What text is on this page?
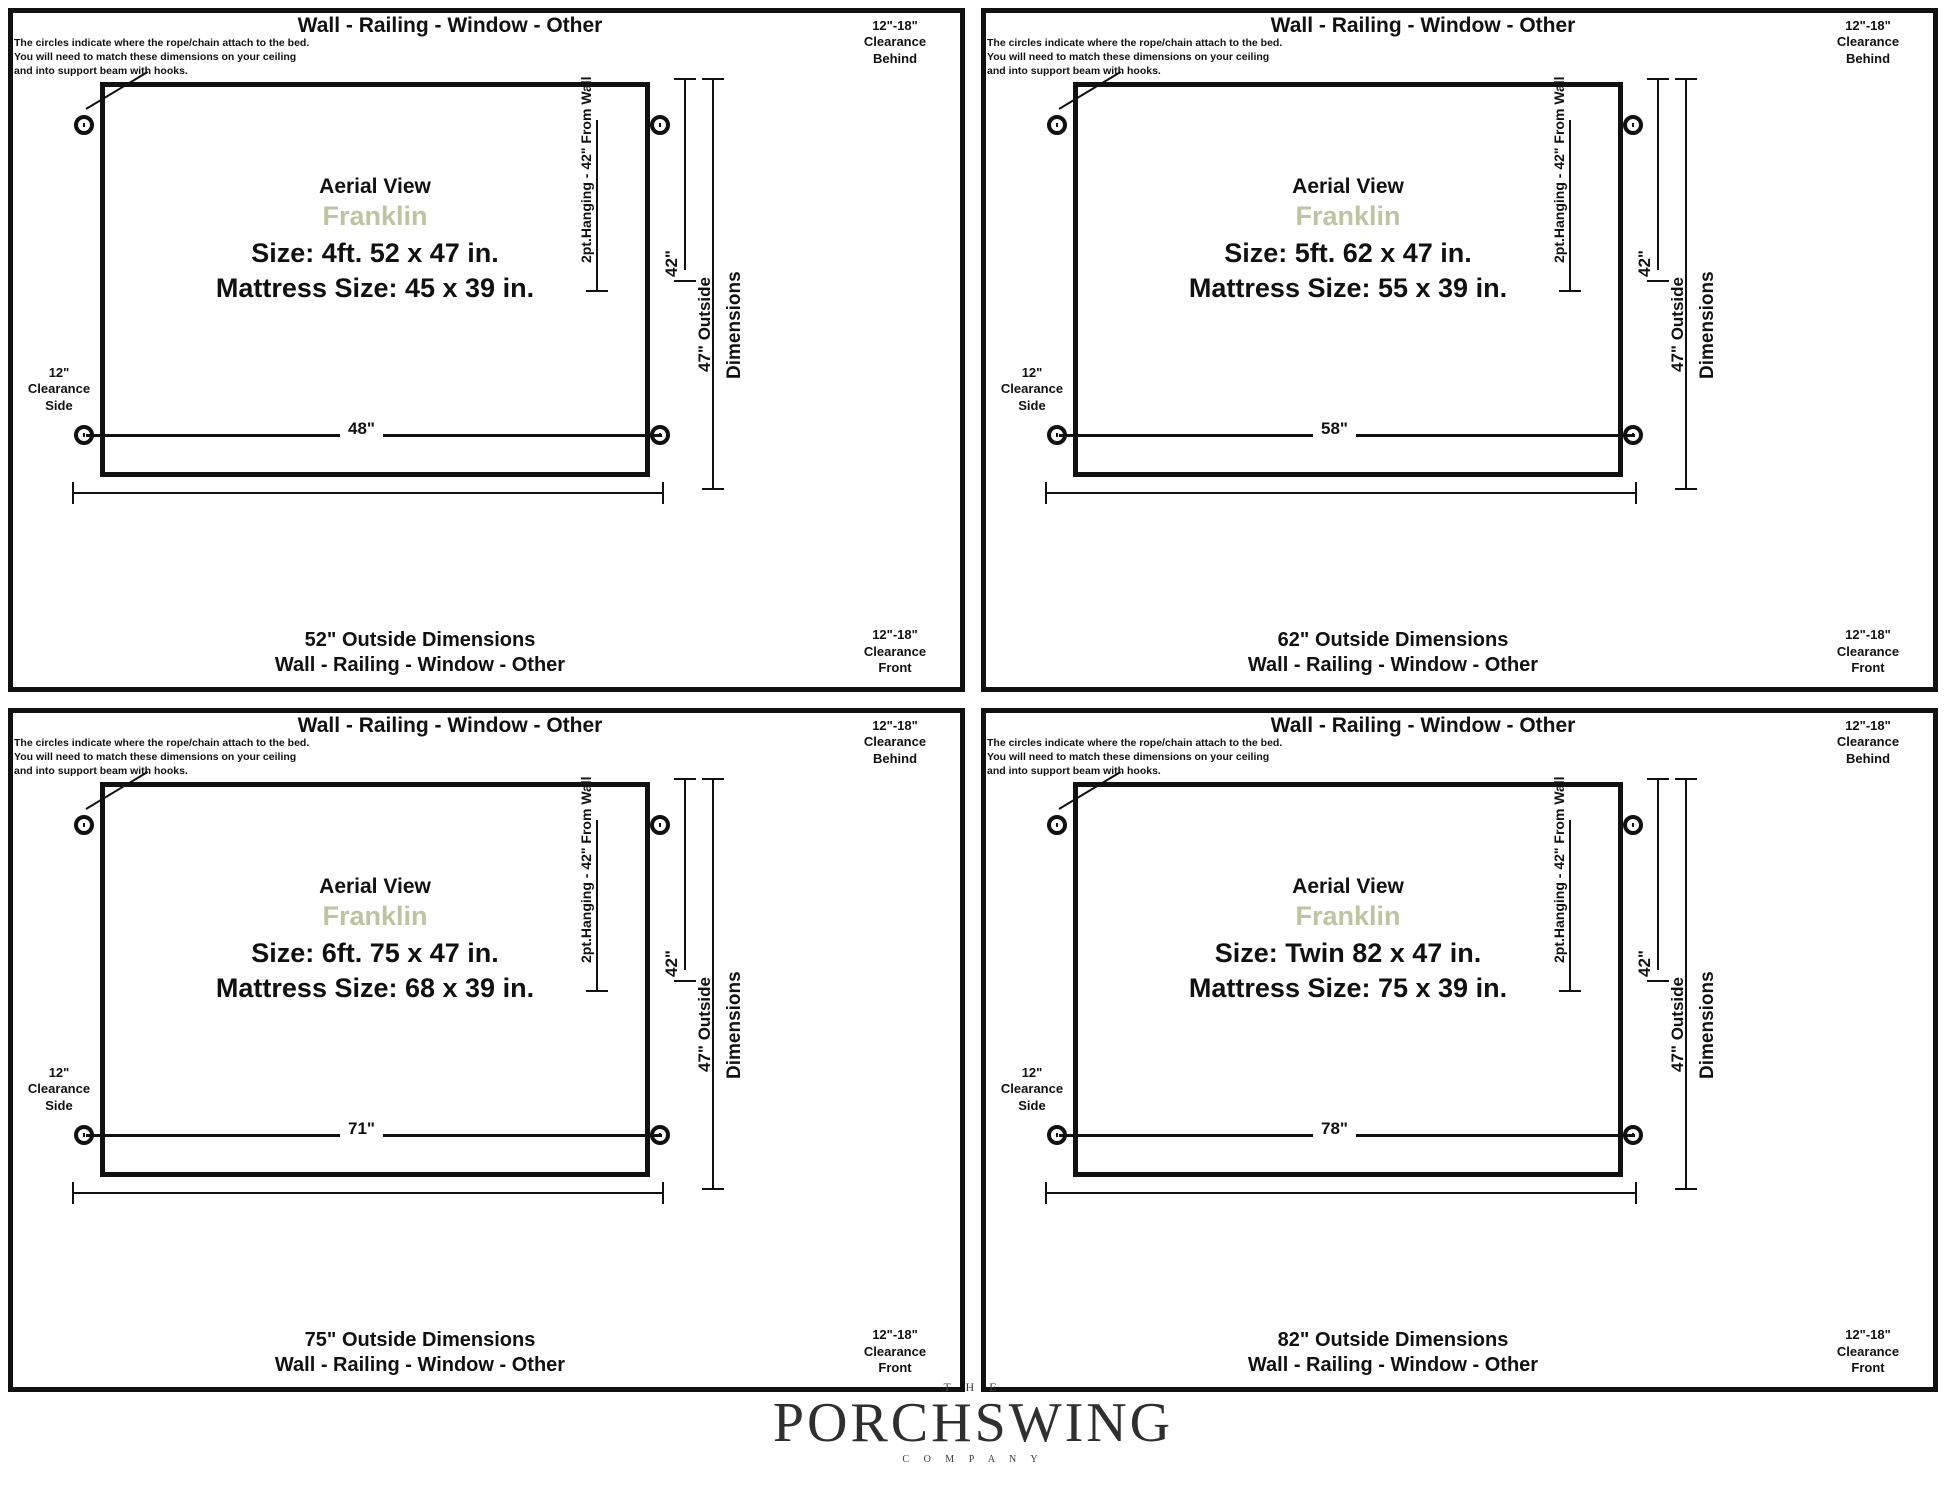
Wall - Railing - Window - Other
The circles indicate where the rope/chain attach to the bed. You will need to match these dimensions on your ceiling and into support beam with hooks.
Aerial View
Franklin
Size: 4ft. 52 x 47 in.
Mattress Size: 45 x 39 in.
48"
52" Outside Dimensions
Wall - Railing - Window - Other
12"-18"
Clearance
Behind
12"-18"
Clearance
Front
12"
Clearance
Side
2pt.Hanging - 42" From Wall
42"
47" Outside Dimensions
Wall - Railing - Window - Other
The circles indicate where the rope/chain attach to the bed. You will need to match these dimensions on your ceiling and into support beam with hooks.
Aerial View
Franklin
Size: 5ft. 62 x 47 in.
Mattress Size: 55 x 39 in.
58"
62" Outside Dimensions
Wall - Railing - Window - Other
12"-18"
Clearance
Behind
12"-18"
Clearance
Front
12"
Clearance
Side
2pt.Hanging - 42" From Wall
42"
47" Outside Dimensions
Wall - Railing - Window - Other
The circles indicate where the rope/chain attach to the bed. You will need to match these dimensions on your ceiling and into support beam with hooks.
Aerial View
Franklin
Size: 6ft. 75 x 47 in.
Mattress Size: 68 x 39 in.
71"
75" Outside Dimensions
Wall - Railing - Window - Other
12"-18"
Clearance
Behind
12"-18"
Clearance
Front
12"
Clearance
Side
2pt.Hanging - 42" From Wall
42"
47" Outside Dimensions
Wall - Railing - Window - Other
The circles indicate where the rope/chain attach to the bed. You will need to match these dimensions on your ceiling and into support beam with hooks.
Aerial View
Franklin
Size: Twin 82 x 47 in.
Mattress Size: 75 x 39 in.
78"
82" Outside Dimensions
Wall - Railing - Window - Other
12"-18"
Clearance
Behind
12"-18"
Clearance
Front
12"
Clearance
Side
2pt.Hanging - 42" From Wall
42"
47" Outside Dimensions
T H E
PORCHSWING
C O M P A N Y
